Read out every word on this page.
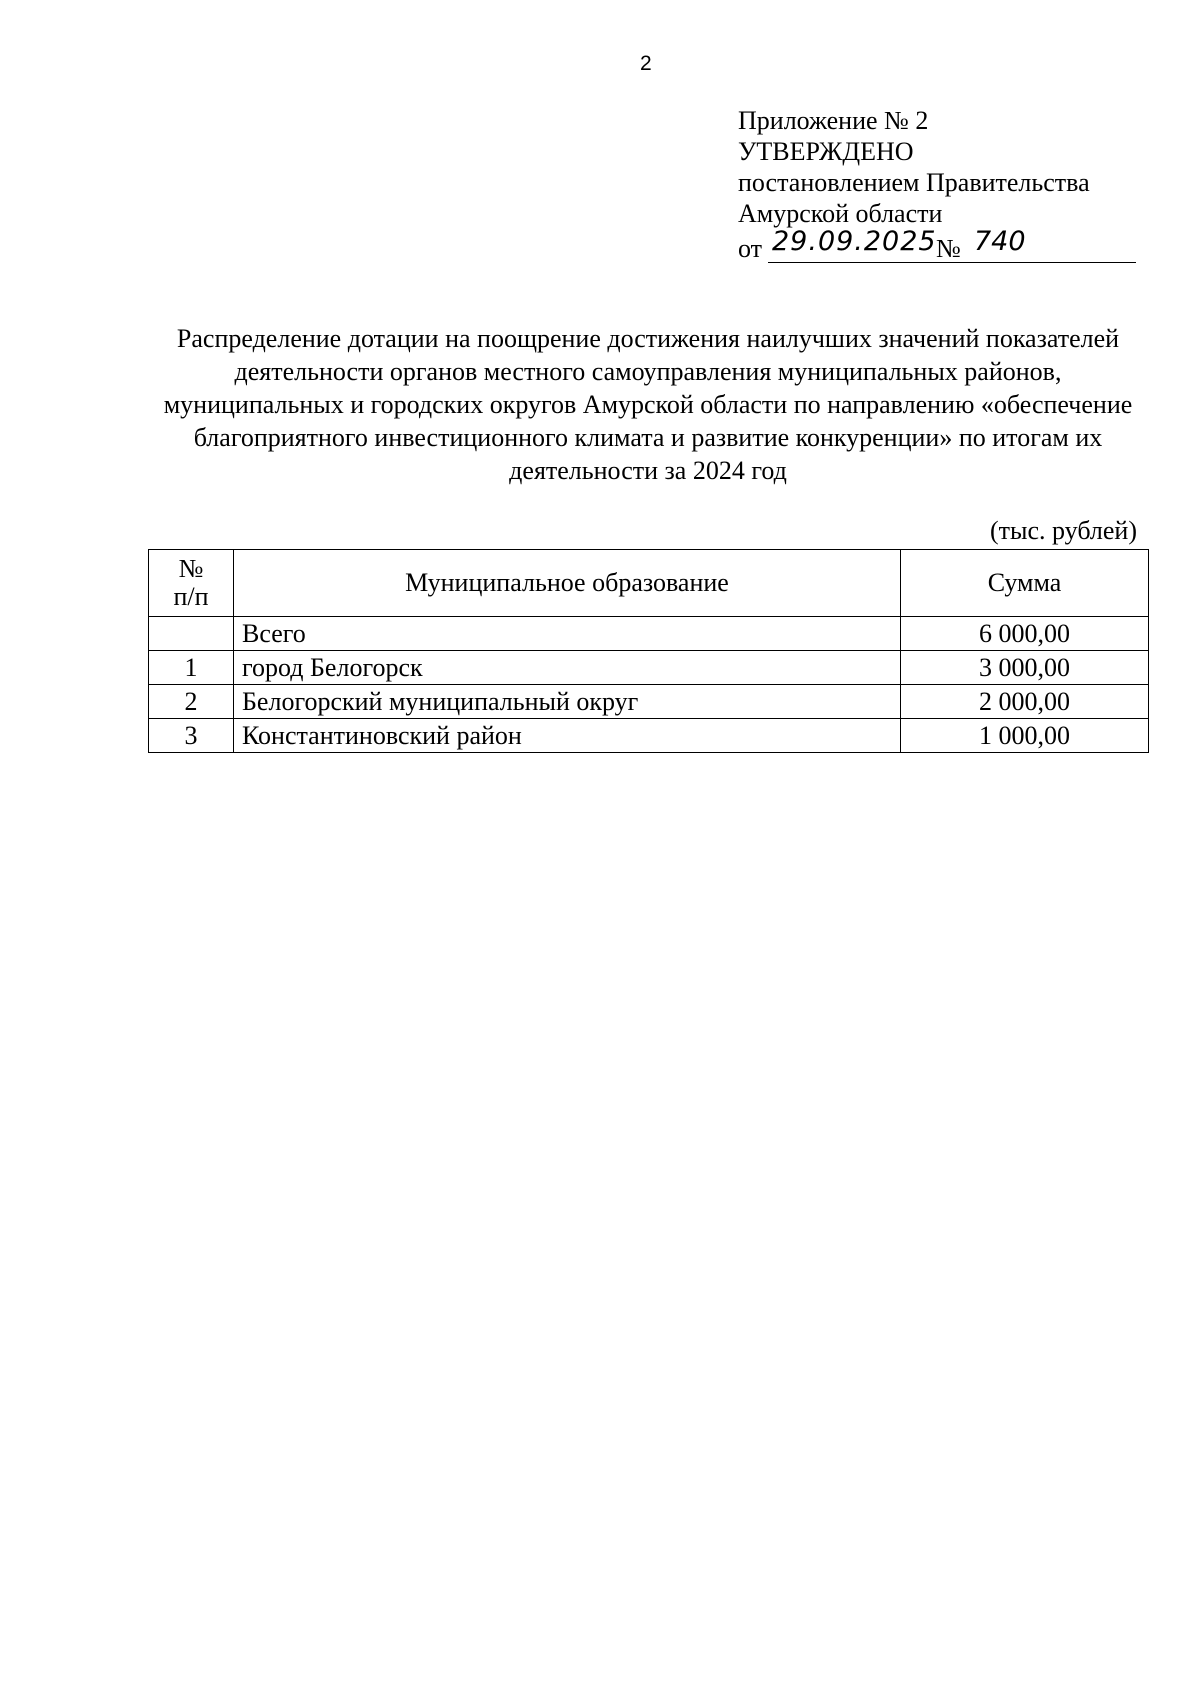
2
Приложение № 2
УТВЕРЖДЕНО
постановлением Правительства
Амурской области
от 29.09.2025 № 740
Распределение дотации на поощрение достижения наилучших значений показателей деятельности органов местного самоуправления муниципальных районов, муниципальных и городских округов Амурской области по направлению «обеспечение благоприятного инвестиционного климата и развитие конкуренции» по итогам их деятельности за 2024 год
(тыс. рублей)
№
п/п	Муниципальное образование	Сумма
	Всего	6 000,00
1	город Белогорск	3 000,00
2	Белогорский муниципальный округ	2 000,00
3	Константиновский район	1 000,00
